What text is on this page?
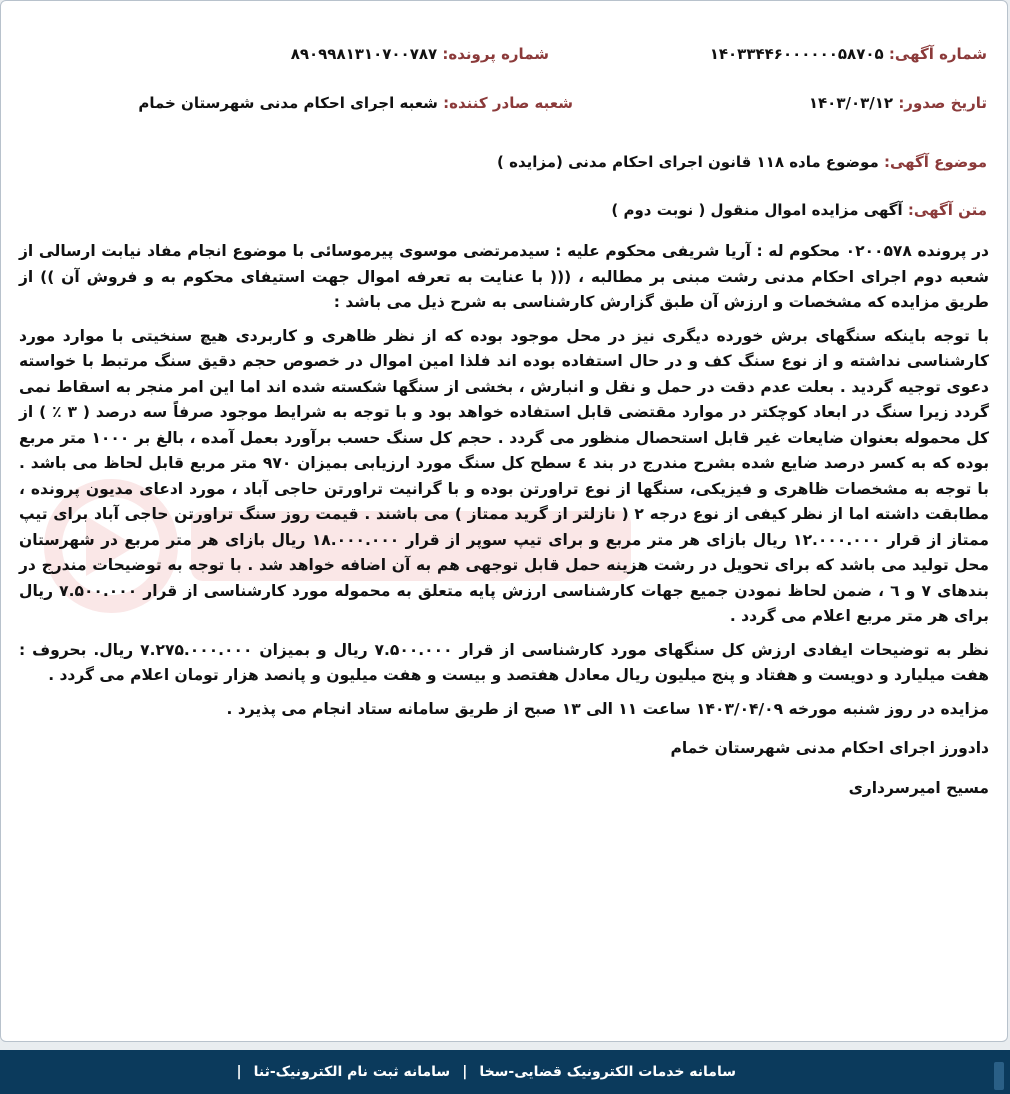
شماره آگهی: ۱۴۰۳۳۴۴۶۰۰۰۰۰۰۵۸۷۰۵
شماره پرونده: ۸۹۰۹۹۸۱۳۱۰۷۰۰۷۸۷
تاریخ صدور: ۱۴۰۳/۰۳/۱۲
شعبه صادر کننده: شعبه اجرای احکام مدنی شهرستان خمام
موضوع آگهی: موضوع ماده ۱۱۸ قانون اجرای احکام مدنی (مزایده )
متن آگهی: آگهی مزایده اموال منقول ( نوبت دوم )

در پرونده ۰۲۰۰۵۷۸ محکوم له : آریا شریفی محکوم علیه : سیدمرتضی موسوی پیرموسائی با موضوع انجام مفاد نیابت ارسالی از شعبه دوم اجرای احکام مدنی رشت مبنی بر مطالبه ، ((( با عنایت به تعرفه اموال جهت استیفای محکوم به و فروش آن )) از طریق مزایده که مشخصات و ارزش آن طبق گزارش کارشناسی به شرح ذیل می باشد :

با توجه باینکه سنگهای برش خورده دیگری نیز در محل موجود بوده که از نظر ظاهری و کاربردی هیچ سنخیتی با موارد مورد کارشناسی نداشته و از نوع سنگ کف و در حال استفاده بوده اند فلذا امین اموال در خصوص حجم دقیق سنگ مرتبط با خواسته دعوی توجیه گردید . بعلت عدم دقت در حمل و نقل و انبارش ، بخشی از سنگها شکسته شده اند اما این امر منجر به اسقاط نمی گردد زیرا سنگ در ابعاد کوچکتر در موارد مقتضی قابل استفاده خواهد بود و با توجه به شرایط موجود صرفاً سه درصد ( ۳ ٪ ) از کل محموله بعنوان ضایعات غیر قابل استحصال منظور می گردد . حجم کل سنگ حسب برآورد بعمل آمده ، بالغ بر ۱۰۰۰ متر مربع بوده که به کسر درصد ضایع شده بشرح مندرج در بند ٤ سطح کل سنگ مورد ارزیابی بمیزان ۹۷۰ متر مربع قابل لحاظ می باشد . با توجه به مشخصات ظاهری و فیزیکی، سنگها از نوع تراورتن بوده و با گرانیت تراورتن حاجی آباد ، مورد ادعای مدیون پرونده ، مطابقت داشته اما از نظر کیفی از نوع درجه ۲ ( نازلتر از گرید ممتاز ) می باشند . قیمت روز سنگ تراورتن حاجی آباد برای تیپ ممتاز از قرار ۱۲.۰۰۰.۰۰۰ ریال بازای هر متر مربع و برای تیپ سوپر از قرار ۱۸.۰۰۰.۰۰۰ ریال بازای هر متر مربع در شهرستان محل تولید می باشد که برای تحویل در رشت هزینه حمل قابل توجهی هم به آن اضافه خواهد شد . با توجه به توضیحات مندرج در بندهای ۷ و ٦ ، ضمن لحاظ نمودن جمیع جهات کارشناسی ارزش پایه متعلق به محموله مورد کارشناسی از قرار ۷.۵۰۰.۰۰۰ ریال برای هر متر مربع اعلام می گردد .

نظر به توضیحات ایفادی ارزش کل سنگهای مورد کارشناسی از قرار ۷.۵۰۰.۰۰۰ ریال و بمیزان ۷.۲۷۵.۰۰۰.۰۰۰ ریال. بحروف : هفت میلیارد و دویست و هفتاد و پنج میلیون ریال معادل هفتصد و بیست و هفت میلیون و پانصد هزار تومان اعلام می گردد .

مزایده در روز شنبه مورخه ۱۴۰۳/۰۴/۰۹ ساعت ۱۱ الی ۱۳ صبح از طریق سامانه ستاد انجام می پذیرد .

دادورز اجرای احکام مدنی شهرستان خمام

مسیح امیرسرداری

سامانه خدمات الکترونیک قضایی-سخا
|
سامانه ثبت نام الکترونیک-ثنا
|
